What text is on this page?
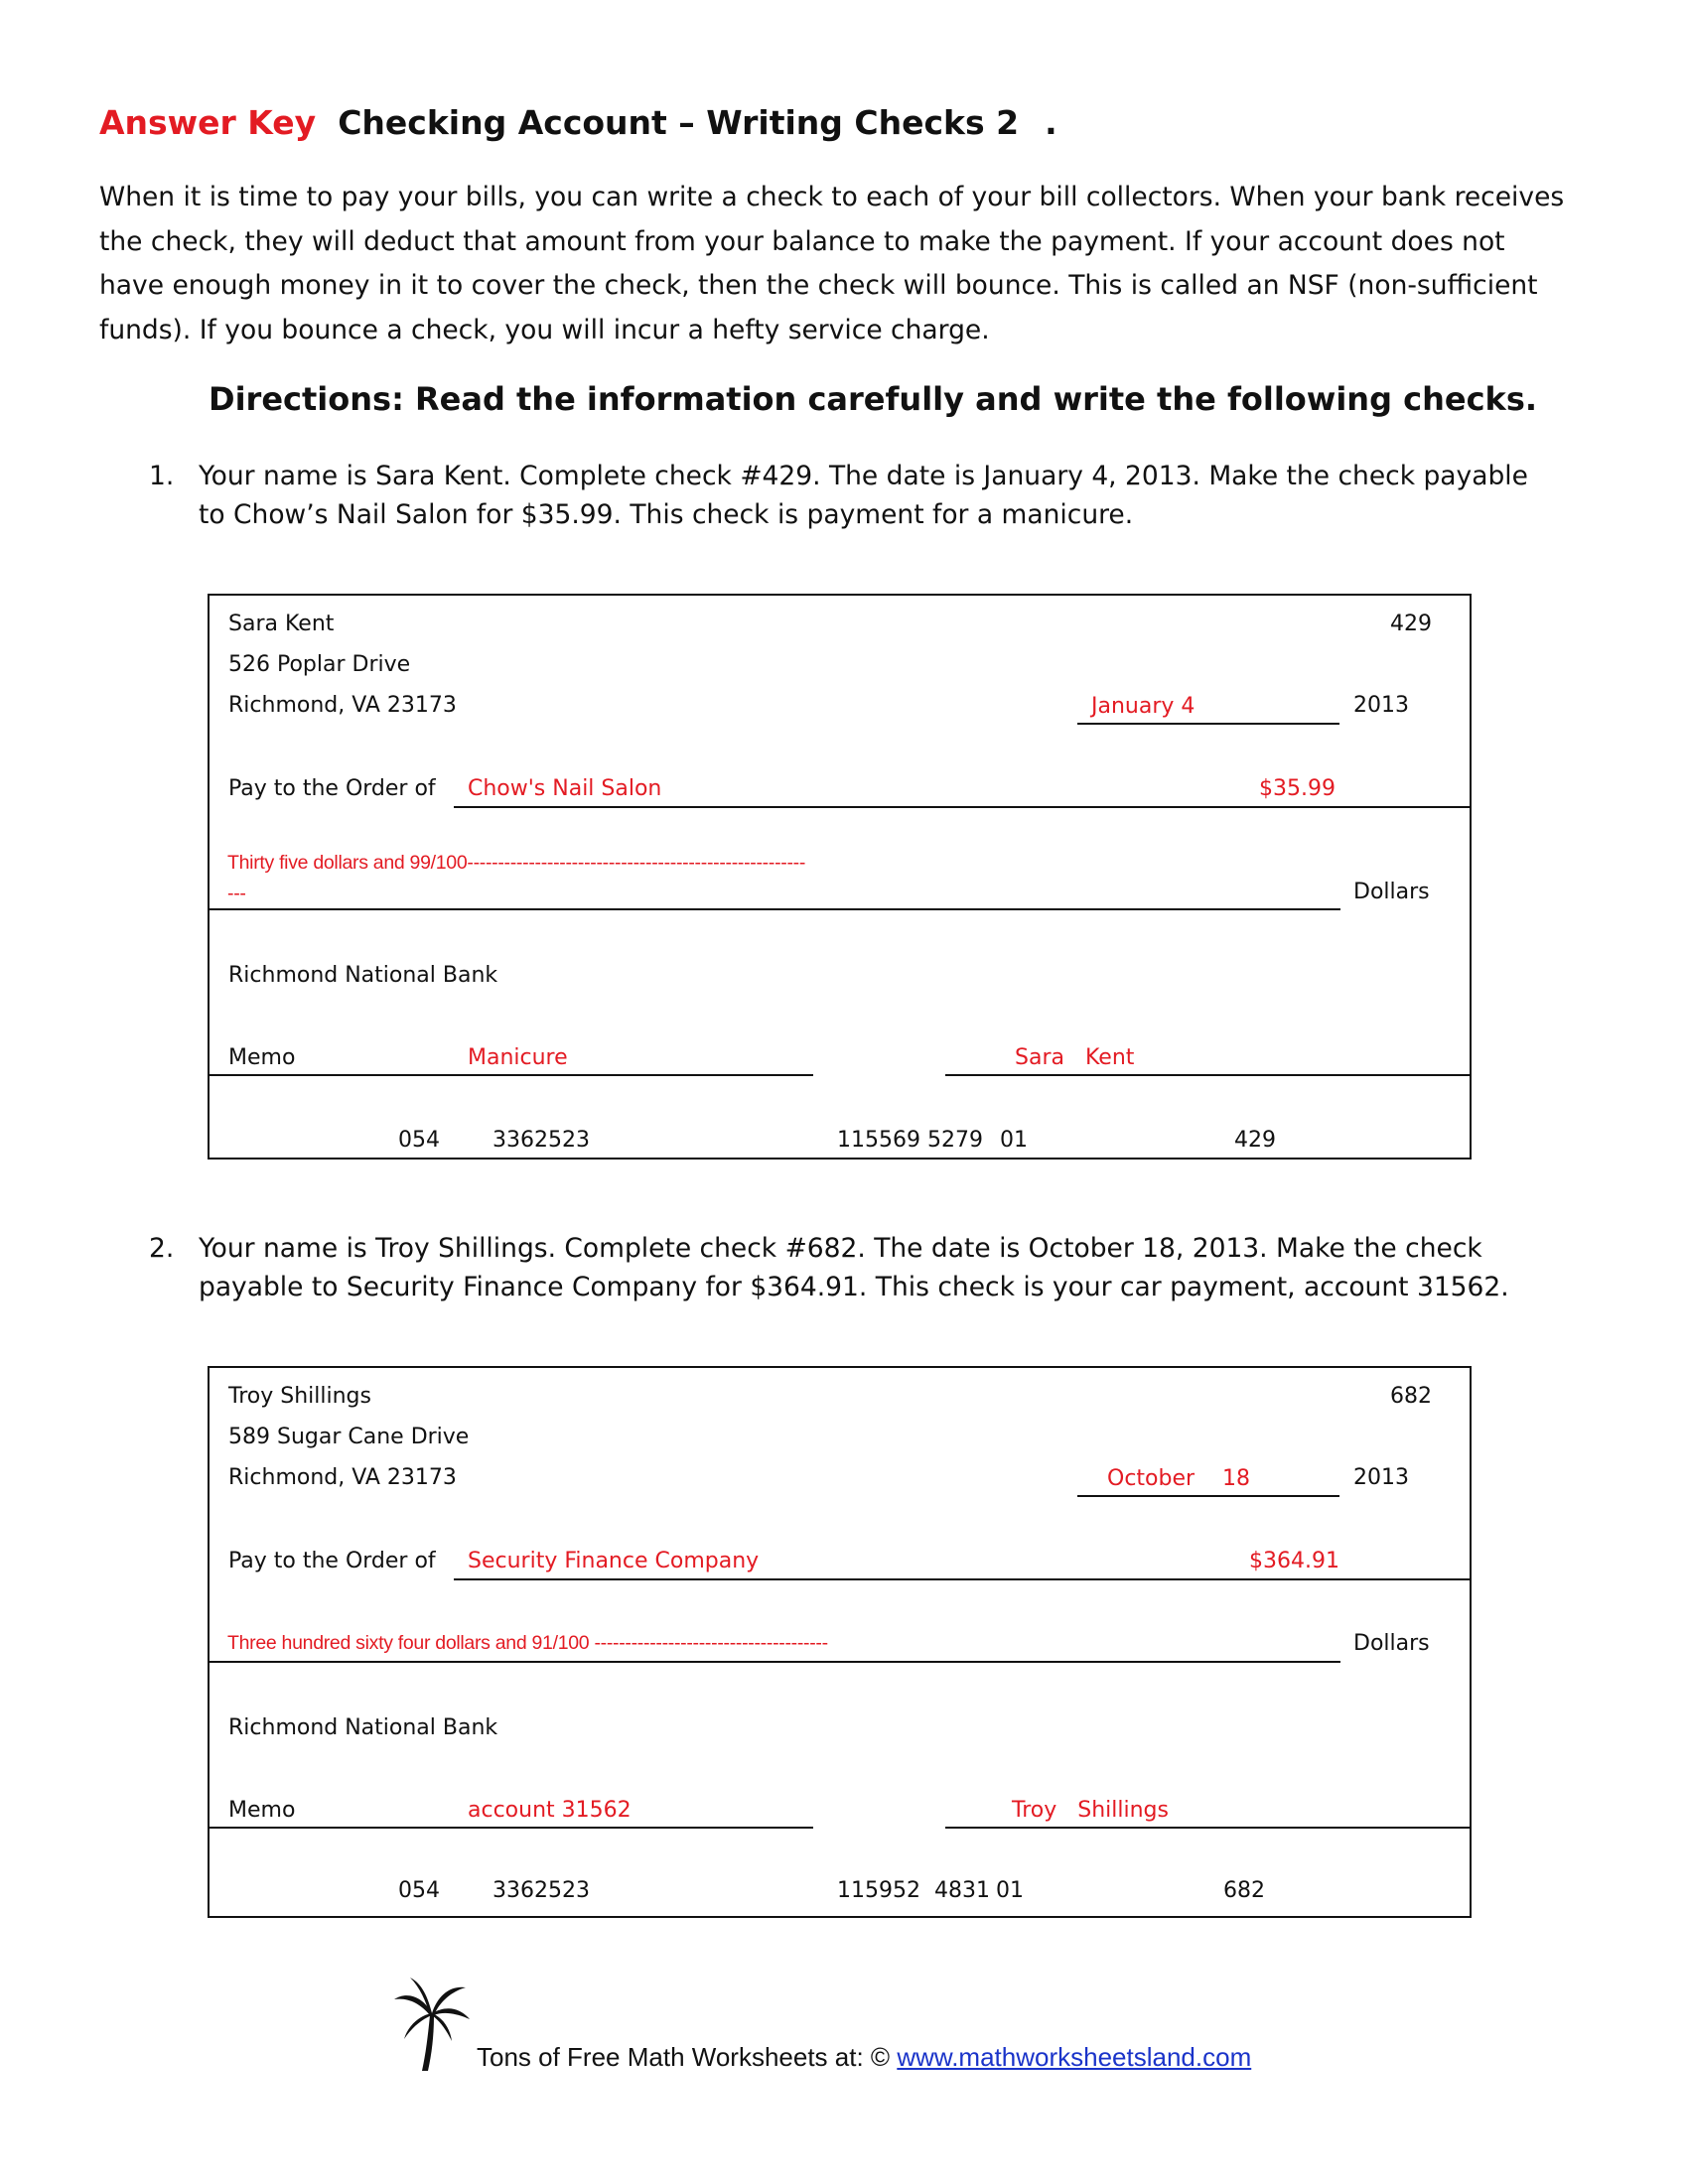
Answer Key Checking Account – Writing Checks 2 .
When it is time to pay your bills, you can write a check to each of your bill collectors. When your bank receives the check, they will deduct that amount from your balance to make the payment. If your account does not have enough money in it to cover the check, then the check will bounce. This is called an NSF (non-sufficient funds). If you bounce a check, you will incur a hefty service charge.
Directions: Read the information carefully and write the following checks.
1. Your name is Sara Kent. Complete check #429. The date is January 4, 2013. Make the check payable to Chow’s Nail Salon for $35.99. This check is payment for a manicure.
Sara Kent
526 Poplar Drive
Richmond, VA 23173
429
January 4	2013
Pay to the Order of Chow's Nail Salon	$35.99
Thirty five dollars and 99/100-------------------------------------------------------
---	Dollars
Richmond National Bank
Memo	Manicure	Sara   Kent
054 3362523	115569 5279 01	429
2. Your name is Troy Shillings. Complete check #682. The date is October 18, 2013. Make the check payable to Security Finance Company for $364.91. This check is your car payment, account 31562.
Troy Shillings
589 Sugar Cane Drive
Richmond, VA 23173
682
October    18	2013
Pay to the Order of Security Finance Company	$364.91
Three hundred sixty four dollars and 91/100 --------------------------------------	Dollars
Richmond National Bank
Memo	account 31562	Troy   Shillings
054 3362523	115952  4831 01	682
Tons of Free Math Worksheets at: © www.mathworksheetsland.com
